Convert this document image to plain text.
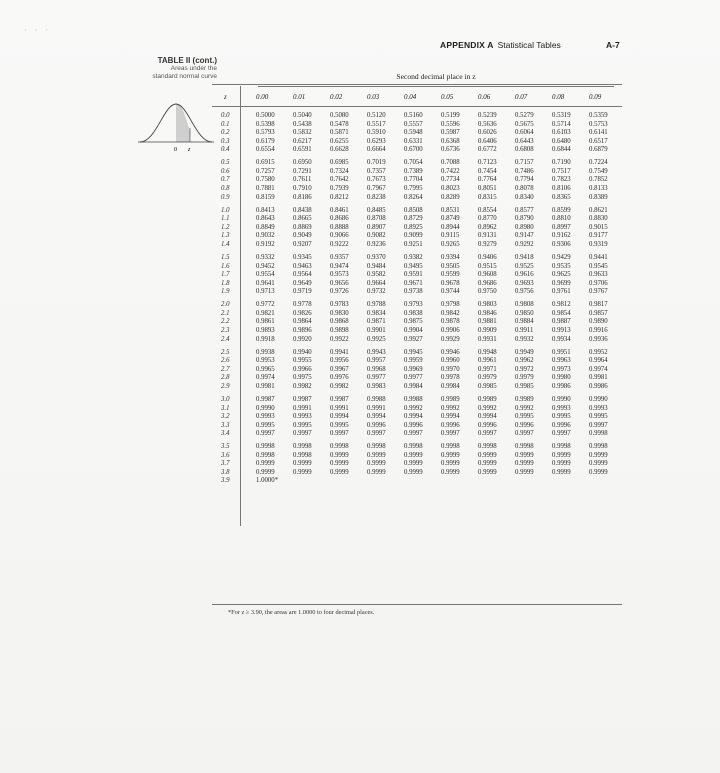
· · ·
APPENDIX A Statistical Tables	A-7
TABLE II (cont.)
Areas under the
standard normal curve
0 z
Second decimal place in z
z	0.00	0.01	0.02	0.03	0.04	0.05	0.06	0.07	0.08	0.09
0.0	0.5000	0.5040	0.5080	0.5120	0.5160	0.5199	0.5239	0.5279	0.5319	0.5359
0.1	0.5398	0.5438	0.5478	0.5517	0.5557	0.5596	0.5636	0.5675	0.5714	0.5753
0.2	0.5793	0.5832	0.5871	0.5910	0.5948	0.5987	0.6026	0.6064	0.6103	0.6141
0.3	0.6179	0.6217	0.6255	0.6293	0.6331	0.6368	0.6406	0.6443	0.6480	0.6517
0.4	0.6554	0.6591	0.6628	0.6664	0.6700	0.6736	0.6772	0.6808	0.6844	0.6879
0.5	0.6915	0.6950	0.6985	0.7019	0.7054	0.7088	0.7123	0.7157	0.7190	0.7224
0.6	0.7257	0.7291	0.7324	0.7357	0.7389	0.7422	0.7454	0.7486	0.7517	0.7549
0.7	0.7580	0.7611	0.7642	0.7673	0.7704	0.7734	0.7764	0.7794	0.7823	0.7852
0.8	0.7881	0.7910	0.7939	0.7967	0.7995	0.8023	0.8051	0.8078	0.8106	0.8133
0.9	0.8159	0.8186	0.8212	0.8238	0.8264	0.8289	0.8315	0.8340	0.8365	0.8389
1.0	0.8413	0.8438	0.8461	0.8485	0.8508	0.8531	0.8554	0.8577	0.8599	0.8621
1.1	0.8643	0.8665	0.8686	0.8708	0.8729	0.8749	0.8770	0.8790	0.8810	0.8830
1.2	0.8849	0.8869	0.8888	0.8907	0.8925	0.8944	0.8962	0.8980	0.8997	0.9015
1.3	0.9032	0.9049	0.9066	0.9082	0.9099	0.9115	0.9131	0.9147	0.9162	0.9177
1.4	0.9192	0.9207	0.9222	0.9236	0.9251	0.9265	0.9279	0.9292	0.9306	0.9319
1.5	0.9332	0.9345	0.9357	0.9370	0.9382	0.9394	0.9406	0.9418	0.9429	0.9441
1.6	0.9452	0.9463	0.9474	0.9484	0.9495	0.9505	0.9515	0.9525	0.9535	0.9545
1.7	0.9554	0.9564	0.9573	0.9582	0.9591	0.9599	0.9608	0.9616	0.9625	0.9633
1.8	0.9641	0.9649	0.9656	0.9664	0.9671	0.9678	0.9686	0.9693	0.9699	0.9706
1.9	0.9713	0.9719	0.9726	0.9732	0.9738	0.9744	0.9750	0.9756	0.9761	0.9767
2.0	0.9772	0.9778	0.9783	0.9788	0.9793	0.9798	0.9803	0.9808	0.9812	0.9817
2.1	0.9821	0.9826	0.9830	0.9834	0.9838	0.9842	0.9846	0.9850	0.9854	0.9857
2.2	0.9861	0.9864	0.9868	0.9871	0.9875	0.9878	0.9881	0.9884	0.9887	0.9890
2.3	0.9893	0.9896	0.9898	0.9901	0.9904	0.9906	0.9909	0.9911	0.9913	0.9916
2.4	0.9918	0.9920	0.9922	0.9925	0.9927	0.9929	0.9931	0.9932	0.9934	0.9936
2.5	0.9938	0.9940	0.9941	0.9943	0.9945	0.9946	0.9948	0.9949	0.9951	0.9952
2.6	0.9953	0.9955	0.9956	0.9957	0.9959	0.9960	0.9961	0.9962	0.9963	0.9964
2.7	0.9965	0.9966	0.9967	0.9968	0.9969	0.9970	0.9971	0.9972	0.9973	0.9974
2.8	0.9974	0.9975	0.9976	0.9977	0.9977	0.9978	0.9979	0.9979	0.9980	0.9981
2.9	0.9981	0.9982	0.9982	0.9983	0.9984	0.9984	0.9985	0.9985	0.9986	0.9986
3.0	0.9987	0.9987	0.9987	0.9988	0.9988	0.9989	0.9989	0.9989	0.9990	0.9990
3.1	0.9990	0.9991	0.9991	0.9991	0.9992	0.9992	0.9992	0.9992	0.9993	0.9993
3.2	0.9993	0.9993	0.9994	0.9994	0.9994	0.9994	0.9994	0.9995	0.9995	0.9995
3.3	0.9995	0.9995	0.9995	0.9996	0.9996	0.9996	0.9996	0.9996	0.9996	0.9997
3.4	0.9997	0.9997	0.9997	0.9997	0.9997	0.9997	0.9997	0.9997	0.9997	0.9998
3.5	0.9998	0.9998	0.9998	0.9998	0.9998	0.9998	0.9998	0.9998	0.9998	0.9998
3.6	0.9998	0.9998	0.9999	0.9999	0.9999	0.9999	0.9999	0.9999	0.9999	0.9999
3.7	0.9999	0.9999	0.9999	0.9999	0.9999	0.9999	0.9999	0.9999	0.9999	0.9999
3.8	0.9999	0.9999	0.9999	0.9999	0.9999	0.9999	0.9999	0.9999	0.9999	0.9999
3.9	1.0000*
*For z ≥ 3.90, the areas are 1.0000 to four decimal places.
